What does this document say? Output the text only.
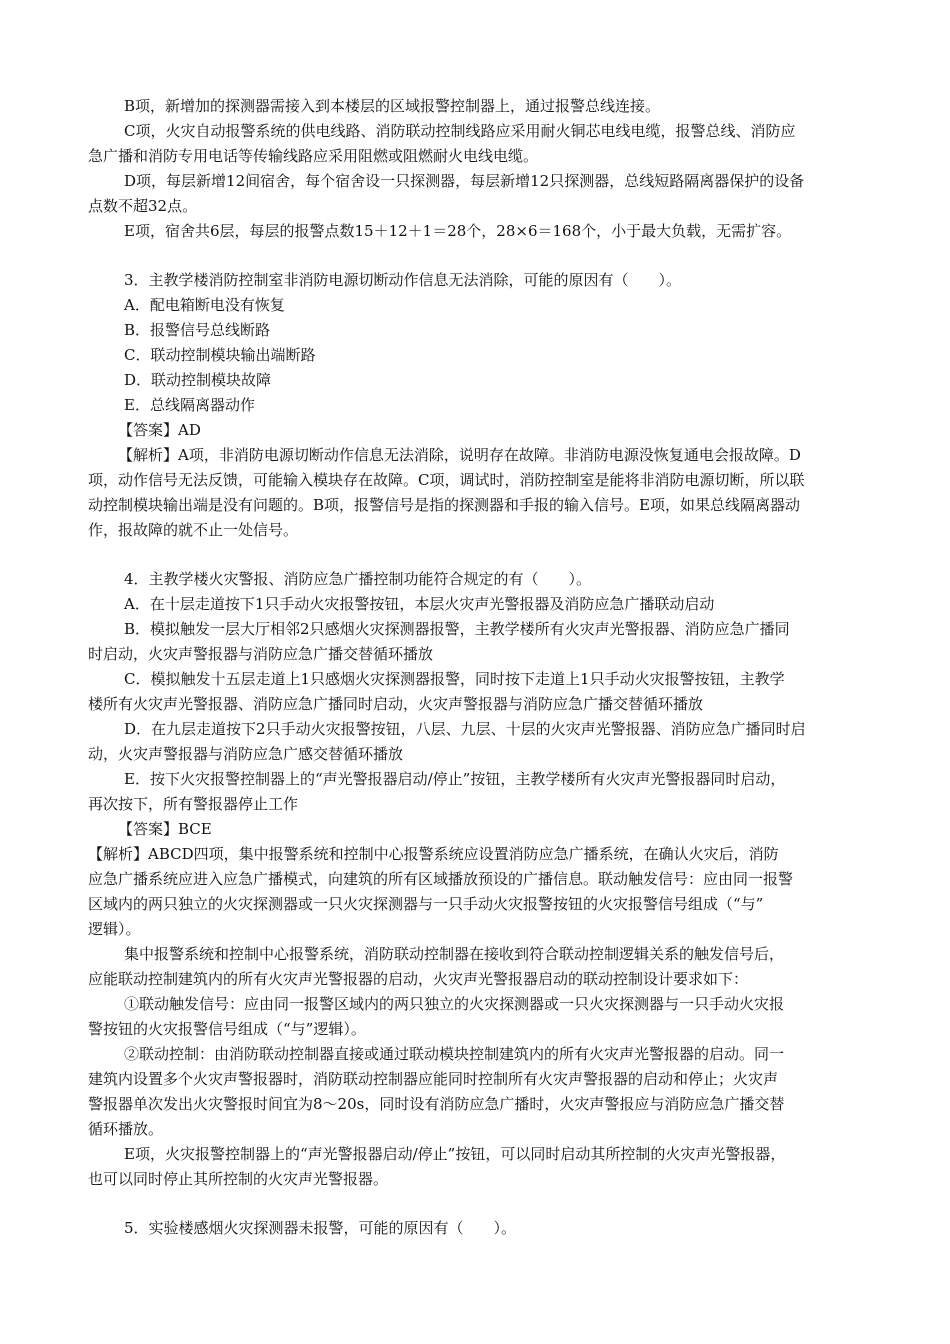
B项，新增加的探测器需接入到本楼层的区域报警控制器上，通过报警总线连接。
C项，火灾自动报警系统的供电线路、消防联动控制线路应采用耐火铜芯电线电缆，报警总线、消防应
急广播和消防专用电话等传输线路应采用阻燃或阻燃耐火电线电缆。
D项，每层新增12间宿舍，每个宿舍设一只探测器，每层新增12只探测器，总线短路隔离器保护的设备
点数不超32点。
E项，宿舍共6层，每层的报警点数15＋12＋1＝28个，28×6＝168个，小于最大负载，无需扩容。
3．主教学楼消防控制室非消防电源切断动作信息无法消除，可能的原因有（　　）。
A．配电箱断电没有恢复
B．报警信号总线断路
C．联动控制模块输出端断路
D．联动控制模块故障
E．总线隔离器动作
【答案】AD
【解析】A项，非消防电源切断动作信息无法消除，说明存在故障。非消防电源没恢复通电会报故障。D
项，动作信号无法反馈，可能输入模块存在故障。C项，调试时，消防控制室是能将非消防电源切断，所以联
动控制模块输出端是没有问题的。B项，报警信号是指的探测器和手报的输入信号。E项，如果总线隔离器动
作，报故障的就不止一处信号。
4．主教学楼火灾警报、消防应急广播控制功能符合规定的有（　　）。
A．在十层走道按下1只手动火灾报警按钮，本层火灾声光警报器及消防应急广播联动启动
B．模拟触发一层大厅相邻2只感烟火灾探测器报警，主教学楼所有火灾声光警报器、消防应急广播同
时启动，火灾声警报器与消防应急广播交替循环播放
C．模拟触发十五层走道上1只感烟火灾探测器报警，同时按下走道上1只手动火灾报警按钮，主教学
楼所有火灾声光警报器、消防应急广播同时启动，火灾声警报器与消防应急广播交替循环播放
D．在九层走道按下2只手动火灾报警按钮，八层、九层、十层的火灾声光警报器、消防应急广播同时启
动，火灾声警报器与消防应急广感交替循环播放
E．按下火灾报警控制器上的“声光警报器启动/停止”按钮，主教学楼所有火灾声光警报器同时启动，
再次按下，所有警报器停止工作
【答案】BCE
【解析】ABCD四项，集中报警系统和控制中心报警系统应设置消防应急广播系统，在确认火灾后，消防
应急广播系统应进入应急广播模式，向建筑的所有区域播放预设的广播信息。联动触发信号：应由同一报警
区域内的两只独立的火灾探测器或一只火灾探测器与一只手动火灾报警按钮的火灾报警信号组成（“与”
逻辑）。
集中报警系统和控制中心报警系统，消防联动控制器在接收到符合联动控制逻辑关系的触发信号后，
应能联动控制建筑内的所有火灾声光警报器的启动，火灾声光警报器启动的联动控制设计要求如下：
①联动触发信号：应由同一报警区域内的两只独立的火灾探测器或一只火灾探测器与一只手动火灾报
警按钮的火灾报警信号组成（“与”逻辑）。
②联动控制：由消防联动控制器直接或通过联动模块控制建筑内的所有火灾声光警报器的启动。同一
建筑内设置多个火灾声警报器时，消防联动控制器应能同时控制所有火灾声警报器的启动和停止；火灾声
警报器单次发出火灾警报时间宜为8～20s，同时设有消防应急广播时，火灾声警报应与消防应急广播交替
循环播放。
E项，火灾报警控制器上的“声光警报器启动/停止”按钮，可以同时启动其所控制的火灾声光警报器，
也可以同时停止其所控制的火灾声光警报器。
5．实验楼感烟火灾探测器未报警，可能的原因有（　　）。
